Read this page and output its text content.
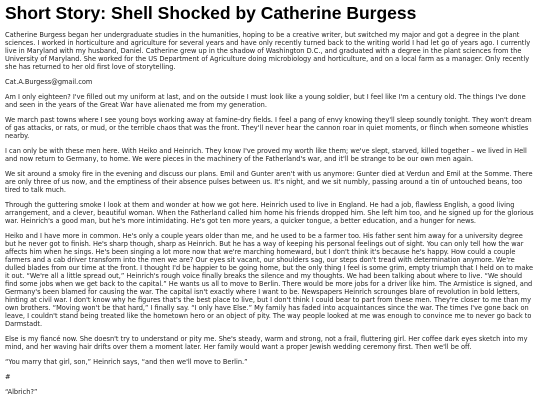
Short Story: Shell Shocked by Catherine Burgess

Catherine Burgess began her undergraduate studies in the humanities, hoping to be a creative writer, but switched my major and got a degree in the plant sciences. I worked in horticulture and agriculture for several years and have only recently turned back to the writing world I had let go of years ago. I currently live in Maryland with my husband, Daniel. Catherine grew up in the shadow of Washington D.C., and graduated with a degree in the plant sciences from the University of Maryland. She worked for the US Department of Agriculture doing microbiology and horticulture, and on a local farm as a manager. Only recently she has returned to her old first love of storytelling.

Cat.A.Burgess@gmail.com

Am I only eighteen? I've filled out my uniform at last, and on the outside I must look like a young soldier, but I feel like I'm a century old. The things I've done and seen in the years of the Great War have alienated me from my generation.

We march past towns where I see young boys working away at famine-dry fields. I feel a pang of envy knowing they'll sleep soundly tonight. They won't dream of gas attacks, or rats, or mud, or the terrible chaos that was the front. They'll never hear the cannon roar in quiet moments, or flinch when someone whistles nearby.

I can only be with these men here. With Heiko and Heinrich. They know I've proved my worth like them; we've slept, starved, killed together – we lived in Hell and now return to Germany, to home. We were pieces in the machinery of the Fatherland's war, and it'll be strange to be our own men again.

We sit around a smoky fire in the evening and discuss our plans. Emil and Gunter aren't with us anymore: Gunter died at Verdun and Emil at the Somme. There are only three of us now, and the emptiness of their absence pulses between us. It's night, and we sit numbly, passing around a tin of untouched beans, too tired to talk much.

Through the guttering smoke I look at them and wonder at how we got here. Heinrich used to live in England. He had a job, flawless English, a good living arrangement, and a clever, beautiful woman. When the Fatherland called him home his friends dropped him. She left him too, and he signed up for the glorious war. Heinrich's a good man, but he's more intimidating. He's got ten more years, a quicker tongue, a better education, and a hunger for news.

Heiko and I have more in common. He's only a couple years older than me, and he used to be a farmer too. His father sent him away for a university degree but he never got to finish. He's sharp though, sharp as Heinrich. But he has a way of keeping his personal feelings out of sight. You can only tell how the war affects him when he sings. He's been singing a lot more now that we're marching homeward, but I don't think it's because he's happy. How could a couple farmers and a cab driver transform into the men we are? Our eyes sit vacant, our shoulders sag, our steps don't tread with determination anymore. We're dulled blades from our time at the front. I thought I'd be happier to be going home, but the only thing I feel is some grim, empty triumph that I held on to make it out. “We're all a little spread out,” Heinrich's rough voice finally breaks the silence and my thoughts. We had been talking about where to live. “We should find some jobs when we get back to the capital.” He wants us all to move to Berlin. There would be more jobs for a driver like him. The Armistice is signed, and Germany's been blamed for causing the war. The capital isn't exactly where I want to be. Newspapers Heinrich scrounges blare of revolution in bold letters, hinting at civil war. I don't know why he figures that's the best place to live, but I don't think I could bear to part from these men. They're closer to me than my own brothers. “Moving won't be that hard,” I finally say. “I only have Else.” My family has faded into acquaintances since the war. The times I've gone back on leave, I couldn't stand being treated like the hometown hero or an object of pity. The way people looked at me was enough to convince me to never go back to Darmstadt.

Else is my fiancé now. She doesn't try to understand or pity me. She's steady, warm and strong, not a frail, fluttering girl. Her coffee dark eyes sketch into my mind, and her waving hair drifts over them a moment later. Her family would want a proper Jewish wedding ceremony first. Then we'll be off.

“You marry that girl, son,” Heinrich says, “and then we'll move to Berlin.”

#

“Albrich?”
